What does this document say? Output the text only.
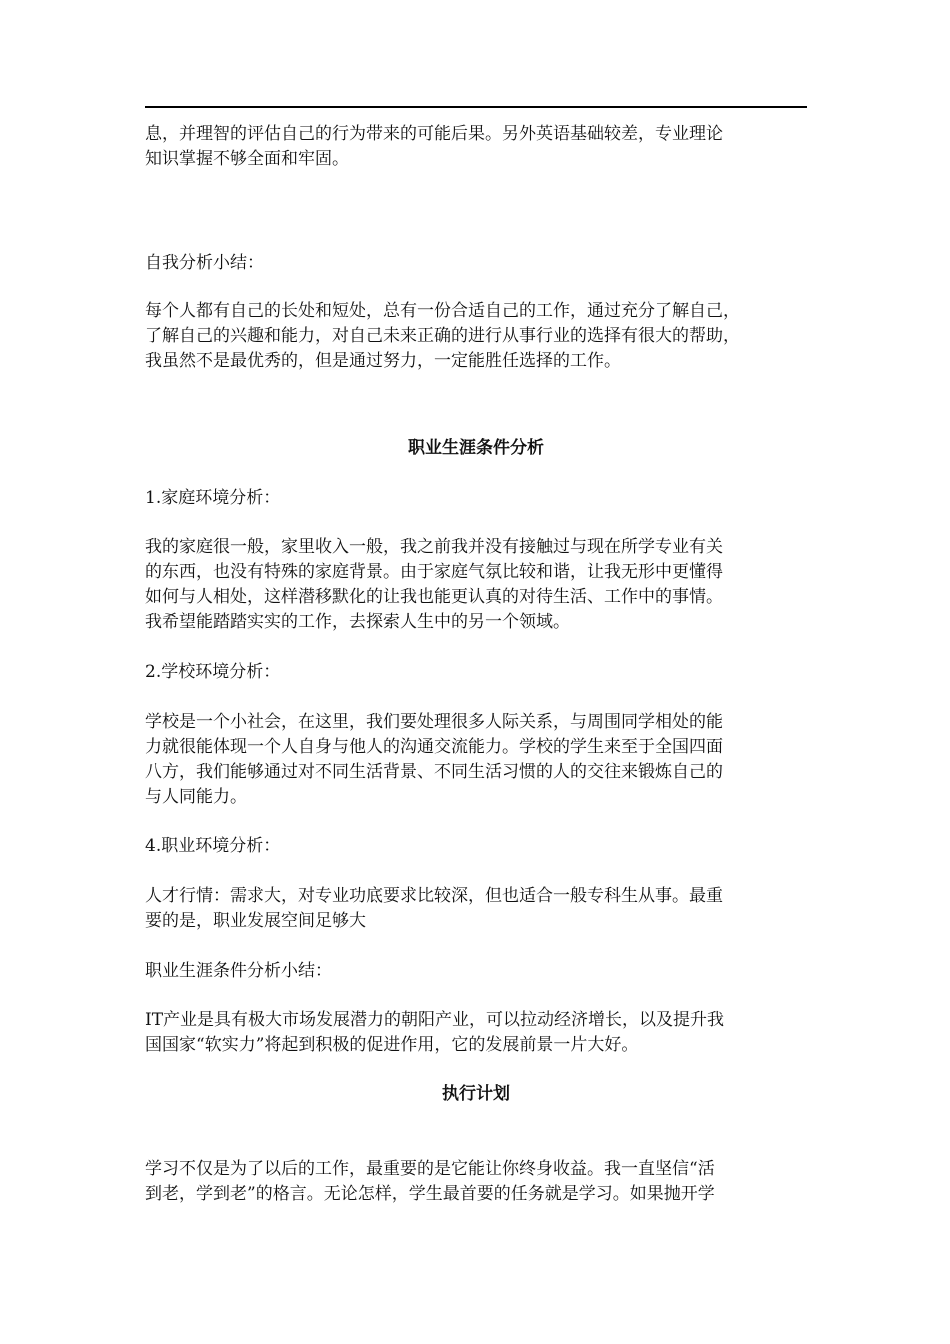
息，并理智的评估自己的行为带来的可能后果。另外英语基础较差，专业理论
知识掌握不够全面和牢固。
自我分析小结：
每个人都有自己的长处和短处，总有一份合适自己的工作，通过充分了解自己，
了解自己的兴趣和能力，对自己未来正确的进行从事行业的选择有很大的帮助，
我虽然不是最优秀的，但是通过努力，一定能胜任选择的工作。
职业生涯条件分析
1.家庭环境分析：
我的家庭很一般，家里收入一般，我之前我并没有接触过与现在所学专业有关
的东西，也没有特殊的家庭背景。由于家庭气氛比较和谐，让我无形中更懂得
如何与人相处，这样潜移默化的让我也能更认真的对待生活、工作中的事情。
我希望能踏踏实实的工作，去探索人生中的另一个领域。
2.学校环境分析：
学校是一个小社会，在这里，我们要处理很多人际关系，与周围同学相处的能
力就很能体现一个人自身与他人的沟通交流能力。学校的学生来至于全国四面
八方，我们能够通过对不同生活背景、不同生活习惯的人的交往来锻炼自己的
与人同能力。
4.职业环境分析：
人才行情：需求大，对专业功底要求比较深，但也适合一般专科生从事。最重
要的是，职业发展空间足够大
职业生涯条件分析小结：
IT产业是具有极大市场发展潜力的朝阳产业，可以拉动经济增长，以及提升我
国国家“软实力”将起到积极的促进作用，它的发展前景一片大好。
执行计划
学习不仅是为了以后的工作，最重要的是它能让你终身收益。我一直坚信“活
到老，学到老”的格言。无论怎样，学生最首要的任务就是学习。如果抛开学
